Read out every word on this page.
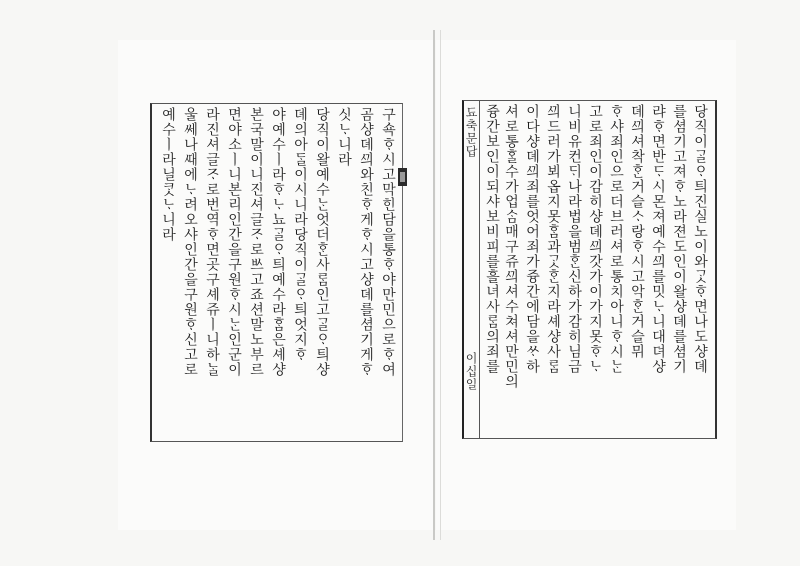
구쇽ᄒᆞ시고막힌담을통ᄒᆞ야만민으로ᄒᆞ여
곰샹뎨ᄭᅴ와친ᄒᆞ게ᄒᆞ시고샹뎨를셤기게ᄒᆞ
싯ᄂᆞ니라
당직이왈예수ᄂᆞᆫ엇더ᄒᆞᆫ사ᄅᆞᆷ인고ᄀᆞᆯᄋᆞ틔샹
뎨의아ᄃᆞᆯ이시니라당직이ᄀᆞᆯᄋᆞ틔엇지ᄒᆞ
야예수ㅣ라ᄒᆞᄂᆞ뇨ᄀᆞᆯᄋᆞ틔예수라ᄒᆞᆷ은셰샹
본국말이니진셔글ᄌᆞ로ᄡᅳ고죠션말노부르
면야소ㅣ니본리인간을구원ᄒᆞ시ᄂᆞᆫ인군이
라진셔글ᄌᆞ로번역ᄒᆞ면곳구셰쥬ㅣ니하ᄂᆞᆯ
울쎄나ᄯᅢ에ᄂᆞ려오샤인간을구원ᄒᆞ신고로
예수ㅣ라닐ᄏᆞᆺᄂᆞ니라	당직이ᄀᆞᆯᄋᆞ틔진실노이와ᄀᆞᆺᄒᆞ면나도샹뎨
를셤기고져ᄒᆞ노라젼도인이왈샹뎨를셤기
랴ᄒᆞ면반ᄃᆞ시몬져예수ᄭᅴ를밋ᄂᆞ니대뎌샹
뎨ᄭᅴ셔착ᄒᆞᆫ거슬ᄉᆞ랑ᄒᆞ시고악ᄒᆞᆫ거슬뮈
ᄒᆞ샤죄인으로더브러셔로통치아니ᄒᆞ시ᄂᆞᆫ
고로죄인이감히샹뎨ᄭᅴ갓가이가지못ᄒᆞᄂᆞ
니비유컨ᄃᆡ나라법을범ᄒᆞᆫ신하가감히님금
ᄭᅴ드러가뵈옵지못ᄒᆞᆷ과ᄀᆞᆺᄒᆞᆫ지라셰샹사ᄅᆞᆷ
이다샹뎨ᄭᅴ죄를엇어죄가즁간에담을ᄊᆞ하
셔로통ᄒᆞᆯ수가업ᄉᆞᆷ매구쥬ᄭᅴ셔수쳐셔만민의
즁간보인이되샤보비피를흘녀사ᄅᆞᆷ의죄를
됴축문답
이십일
